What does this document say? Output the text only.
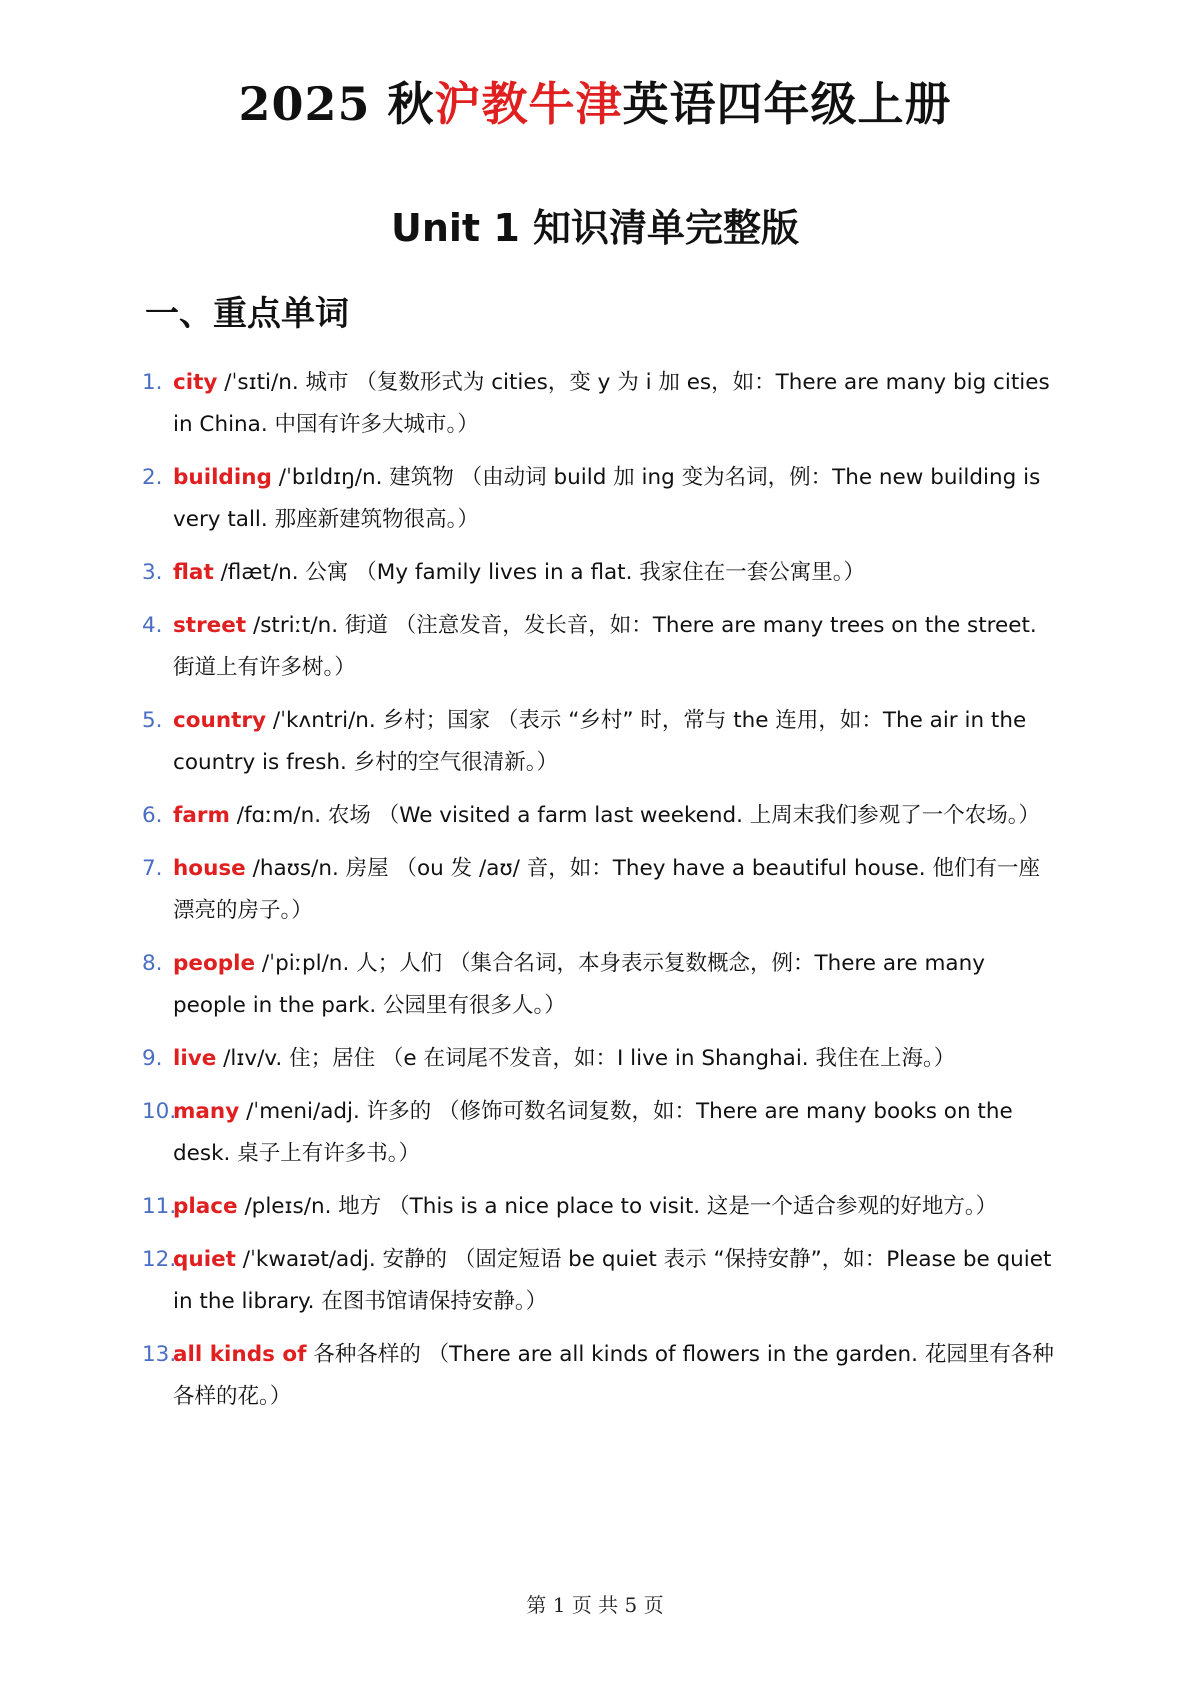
2025 秋沪教牛津英语四年级上册
Unit 1 知识清单完整版
一、重点单词
1. city /ˈsɪti/n. 城市 （复数形式为 cities，变 y 为 i 加 es，如：There are many big cities in China. 中国有许多大城市。）
2. building /ˈbɪldɪŋ/n. 建筑物 （由动词 build 加 ing 变为名词，例：The new building is very tall. 那座新建筑物很高。）
3. flat /flæt/n. 公寓 （My family lives in a flat. 我家住在一套公寓里。）
4. street /striːt/n. 街道 （注意发音，发长音，如：There are many trees on the street. 街道上有许多树。）
5. country /ˈkʌntri/n. 乡村；国家 （表示 “乡村” 时，常与 the 连用，如：The air in the country is fresh. 乡村的空气很清新。）
6. farm /fɑːm/n. 农场 （We visited a farm last weekend. 上周末我们参观了一个农场。）
7. house /haʊs/n. 房屋 （ou 发 /aʊ/ 音，如：They have a beautiful house. 他们有一座漂亮的房子。）
8. people /ˈpiːpl/n. 人；人们 （集合名词，本身表示复数概念，例：There are many people in the park. 公园里有很多人。）
9. live /lɪv/v. 住；居住 （e 在词尾不发音，如：I live in Shanghai. 我住在上海。）
10.
many /ˈmeni/adj. 许多的 （修饰可数名词复数，如：There are many books on the desk. 桌子上有许多书。）
11.
place /pleɪs/n. 地方 （This is a nice place to visit. 这是一个适合参观的好地方。）
12.
quiet /ˈkwaɪət/adj. 安静的 （固定短语 be quiet 表示 “保持安静”，如：Please be quiet in the library. 在图书馆请保持安静。）
13.
all kinds of 各种各样的 （There are all kinds of flowers in the garden. 花园里有各种各样的花。）
第 1 页 共 5 页
